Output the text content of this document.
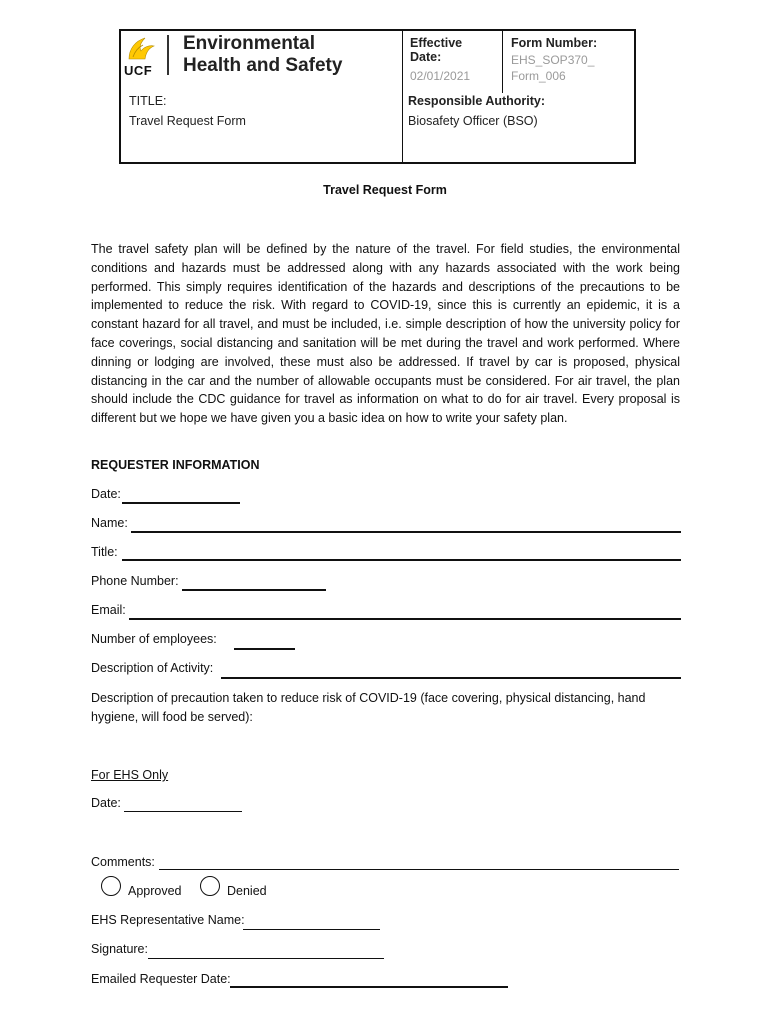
UCF
Environmental
Health and Safety
Effective
Date:
02/01/2021
Form Number:
EHS_SOP370_
Form_006
TITLE:
Travel Request Form
Responsible Authority:
Biosafety Officer (BSO)
Travel Request Form
The travel safety plan will be defined by the nature of the travel. For field studies, the environmental conditions and hazards must be addressed along with any hazards associated with the work being performed. This simply requires identification of the hazards and descriptions of the precautions to be implemented to reduce the risk. With regard to COVID-19, since this is currently an epidemic, it is a constant hazard for all travel, and must be included, i.e. simple description of how the university policy for face coverings, social distancing and sanitation will be met during the travel and work performed. Where dinning or lodging are involved, these must also be addressed. If travel by car is proposed, physical distancing in the car and the number of allowable occupants must be considered. For air travel, the plan should include the CDC guidance for travel as information on what to do for air travel. Every proposal is different but we hope we have given you a basic idea on how to write your safety plan.
REQUESTER INFORMATION
Date:
Name:
Title:
Phone Number:
Email:
Number of employees:
Description of Activity:
Description of precaution taken to reduce risk of COVID-19 (face covering, physical distancing, hand hygiene, will food be served):
For EHS Only
Date:
Comments:
Approved	Denied
EHS Representative Name:
Signature:
Emailed Requester Date:
